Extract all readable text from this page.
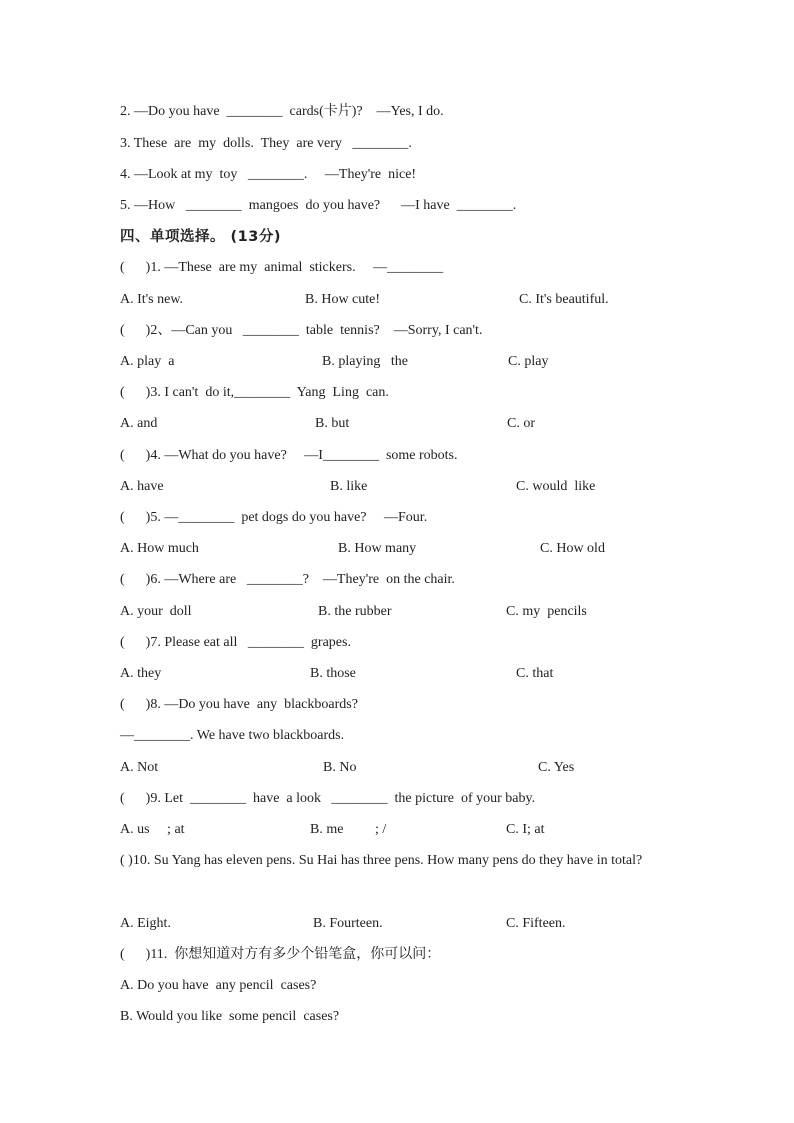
2. —Do you have  ________  cards(卡片)?    —Yes, I do.
3. These  are  my  dolls.  They  are very   ________.
4. —Look at my  toy   ________.     —They're  nice!
5. —How   ________  mangoes  do you have?      —I have  ________.
四、单项选择。 (13分)
(      )1. —These  are my  animal  stickers.     —________
A. It's new.	B. How cute!	C. It's beautiful.
(      )2、—Can you   ________  table  tennis?    —Sorry, I can't.
A. play  a	B. playing   the	C. play
(      )3. I can't  do it,________  Yang  Ling  can.
A. and	B. but	C. or
(      )4. —What do you have?     —I________  some robots.
A. have	B. like	C. would  like
(      )5. —________  pet dogs do you have?     —Four.
A. How much	B. How many	C. How old
(      )6. —Where are   ________?    —They're  on the chair.
A. your  doll	B. the rubber	C. my  pencils
(      )7. Please eat all   ________  grapes.
A. they	B. those	C. that
(      )8. —Do you have  any  blackboards?
—________. We have two blackboards.
A. Not	B. No	C. Yes
(      )9. Let  ________  have  a look   ________  the picture  of your baby.
A. us     ; at	B. me         ; /	C. I; at
( )10. Su Yang has eleven pens. Su Hai has three pens. How many pens do they have in total?
A. Eight.	B. Fourteen.	C. Fifteen.
(      )11.  你想知道对方有多少个铅笔盒，你可以问：
A. Do you have  any pencil  cases?
B. Would you like  some pencil  cases?
